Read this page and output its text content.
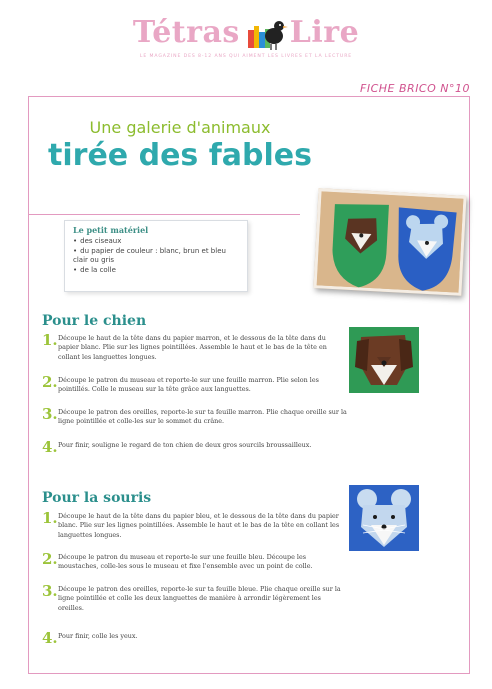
Tétras Lire
LE MAGAZINE DES 8-12 ANS QUI AIMENT LES LIVRES ET LA LECTURE
FICHE BRICO N°10
Une galerie d'animaux
tirée des fables
Le petit matériel
• des ciseaux
• du papier de couleur : blanc, brun et bleu clair ou gris
• de la colle
Pour le chien
1. Découpe le haut de la tête dans du papier marron, et le dessous de la tête dans du papier blanc. Plie sur les lignes pointillées. Assemble le haut et le bas de la tête en collant les languettes longues.
2. Découpe le patron du museau et reporte-le sur une feuille marron. Plie selon les pointillés. Colle le museau sur la tête grâce aux languettes.
3. Découpe le patron des oreilles, reporte-le sur ta feuille marron. Plie chaque oreille sur la ligne pointillée et colle-les sur le sommet du crâne.
4. Pour finir, souligne le regard de ton chien de deux gros sourcils broussailleux.
Pour la souris
1. Découpe le haut de la tête dans du papier bleu, et le dessous de la tête dans du papier blanc. Plie sur les lignes pointillées. Assemble le haut et le bas de la tête en collant les languettes longues.
2. Découpe le patron du museau et reporte-le sur une feuille bleu. Découpe les moustaches, colle-les sous le museau et fixe l'ensemble avec un point de colle.
3. Découpe le patron des oreilles, reporte-le sur ta feuille bleue. Plie chaque oreille sur la ligne pointillée et colle les deux languettes de manière à arrondir légèrement les oreilles.
4. Pour finir, colle les yeux.
